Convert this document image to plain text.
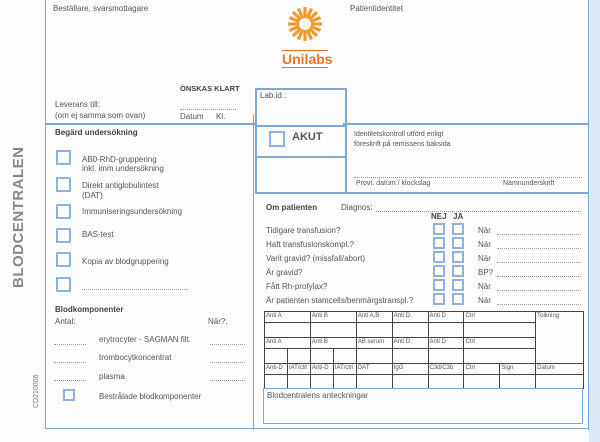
BLODCENTRALEN
CD210006
Beställare, svarsmottagare
Unilabs
Patientidentitet
ÖNSKAS KLART
Leverans till:
(om ej samma som ovan)	Datum Kl.
Lab.id.:
AKUT	Identitetskontroll utförd enligt
föreskrift på remissens baksida
Provt. datum / klockslag	Namnunderskrift
Begärd undersökning
AB0-RhD-gruppering
inkl. imm undersökning
Direkt antiglobulintest
(DAT)
Immuniseringsundersökning
BAS-test
Kopia av blodgruppering
Blodkomponenter
Antal:	När?:
erytrocyter - SAGMAN filt.
trombocytkoncentrat
plasma
Bestrålade blodkomponenter
Om patienten	Diagnos:
NEJ JA
Tidigare transfusion?	När
Haft transfusionskompl.?	När
Varit gravid? (missfall/abort)	När
Är gravid?	BP?
Fått Rh-profylax?	När
Är patienten stamcells/benmärgstranspl.?	När
Anti A		Anti B		Anti A,B	Anti D	Anti D	Ctrl		Tolkning

Anti A		Anti B		AB serum	Anti D	Anti D	Ctrl		

Anti-D	IAT/ctrl	Anti-D	IAT/ctrl	DAT	IgG	C3d/C3b	Ctrl	Sign	Datum

Blodcentralens anteckningar
